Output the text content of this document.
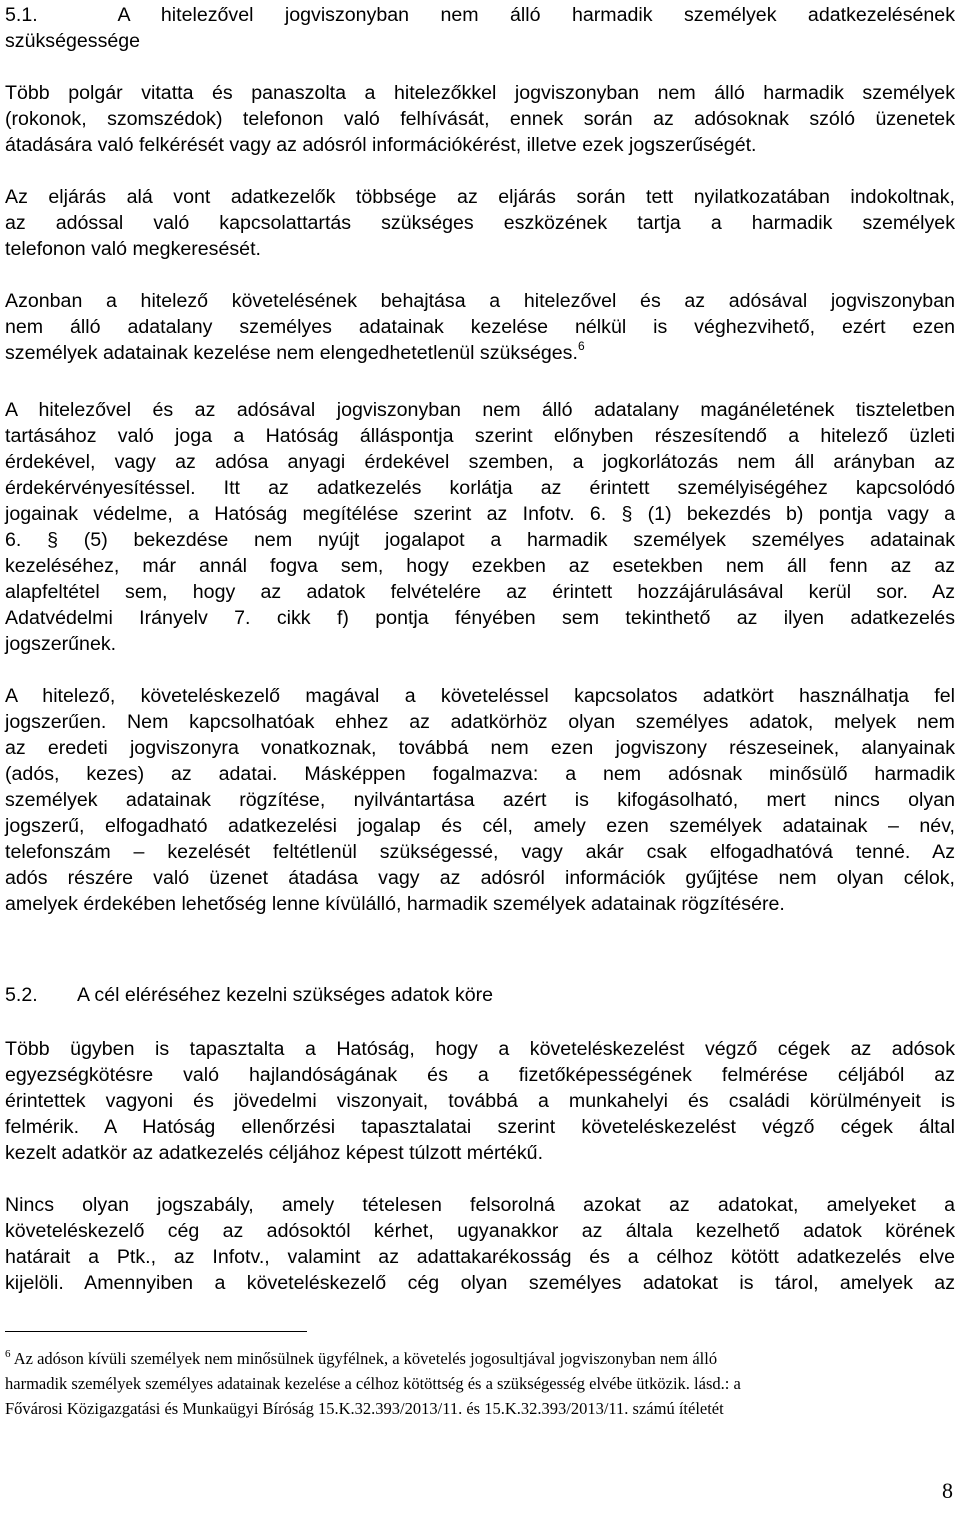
5.1.	A hitelezővel jogviszonyban nem álló harmadik személyek adatkezelésének
szükségessége
Több polgár vitatta és panaszolta a hitelezőkkel jogviszonyban nem álló harmadik személyek
(rokonok, szomszédok) telefonon való felhívását, ennek során az adósoknak szóló üzenetek
átadására való felkérését vagy az adósról információkérést, illetve ezek jogszerűségét.
Az eljárás alá vont adatkezelők többsége az eljárás során tett nyilatkozatában indokoltnak,
az adóssal való kapcsolattartás szükséges eszközének tartja a harmadik személyek
telefonon való megkeresését.
Azonban a hitelező követelésének behajtása a hitelezővel és az adósával jogviszonyban
nem álló adatalany személyes adatainak kezelése nélkül is véghezvihető, ezért ezen
személyek adatainak kezelése nem elengedhetetlenül szükséges.$^6$
A hitelezővel és az adósával jogviszonyban nem álló adatalany magánéletének tiszteletben
tartásához való joga a Hatóság álláspontja szerint előnyben részesítendő a hitelező üzleti
érdekével, vagy az adósa anyagi érdekével szemben, a jogkorlátozás nem áll arányban az
érdekérvényesítéssel. Itt az adatkezelés korlátja az érintett személyiségéhez kapcsolódó
jogainak védelme, a Hatóság megítélése szerint az Infotv. 6. § (1) bekezdés b) pontja vagy a
6. § (5) bekezdése nem nyújt jogalapot a harmadik személyek személyes adatainak
kezeléséhez, már annál fogva sem, hogy ezekben az esetekben nem áll fenn az az
alapfeltétel sem, hogy az adatok felvételére az érintett hozzájárulásával kerül sor. Az
Adatvédelmi Irányelv 7. cikk f) pontja fényében sem tekinthető az ilyen adatkezelés
jogszerűnek.
A hitelező, követeléskezelő magával a követeléssel kapcsolatos adatkört használhatja fel
jogszerűen. Nem kapcsolhatóak ehhez az adatkörhöz olyan személyes adatok, melyek nem
az eredeti jogviszonyra vonatkoznak, továbbá nem ezen jogviszony részeseinek, alanyainak
(adós, kezes) az adatai. Másképpen fogalmazva: a nem adósnak minősülő harmadik
személyek adatainak rögzítése, nyilvántartása azért is kifogásolható, mert nincs olyan
jogszerű, elfogadható adatkezelési jogalap és cél, amely ezen személyek adatainak – név,
telefonszám – kezelését feltétlenül szükségessé, vagy akár csak elfogadhatóvá tenné. Az
adós részére való üzenet átadása vagy az adósról információk gyűjtése nem olyan célok,
amelyek érdekében lehetőség lenne kívülálló, harmadik személyek adatainak rögzítésére.
5.2. A cél eléréséhez kezelni szükséges adatok köre
Több ügyben is tapasztalta a Hatóság, hogy a követeléskezelést végző cégek az adósok
egyezségkötésre való hajlandóságának és a fizetőképességének felmérése céljából az
érintettek vagyoni és jövedelmi viszonyait, továbbá a munkahelyi és családi körülményeit is
felmérik. A Hatóság ellenőrzési tapasztalatai szerint követeléskezelést végző cégek által
kezelt adatkör az adatkezelés céljához képest túlzott mértékű.
Nincs olyan jogszabály, amely tételesen felsorolná azokat az adatokat, amelyeket a
követeléskezelő cég az adósoktól kérhet, ugyanakkor az általa kezelhető adatok körének
határait a Ptk., az Infotv., valamint az adattakarékosság és a célhoz kötött adatkezelés elve
kijelöli. Amennyiben a követeléskezelő cég olyan személyes adatokat is tárol, amelyek az
$^6$ Az adóson kívüli személyek nem minősülnek ügyfélnek, a követelés jogosultjával jogviszonyban nem álló
harmadik személyek személyes adatainak kezelése a célhoz kötöttség és a szükségesség elvébe ütközik. lásd.: a
Fővárosi Közigazgatási és Munkaügyi Bíróság 15.K.32.393/2013/11. és 15.K.32.393/2013/11. számú ítéletét
8
